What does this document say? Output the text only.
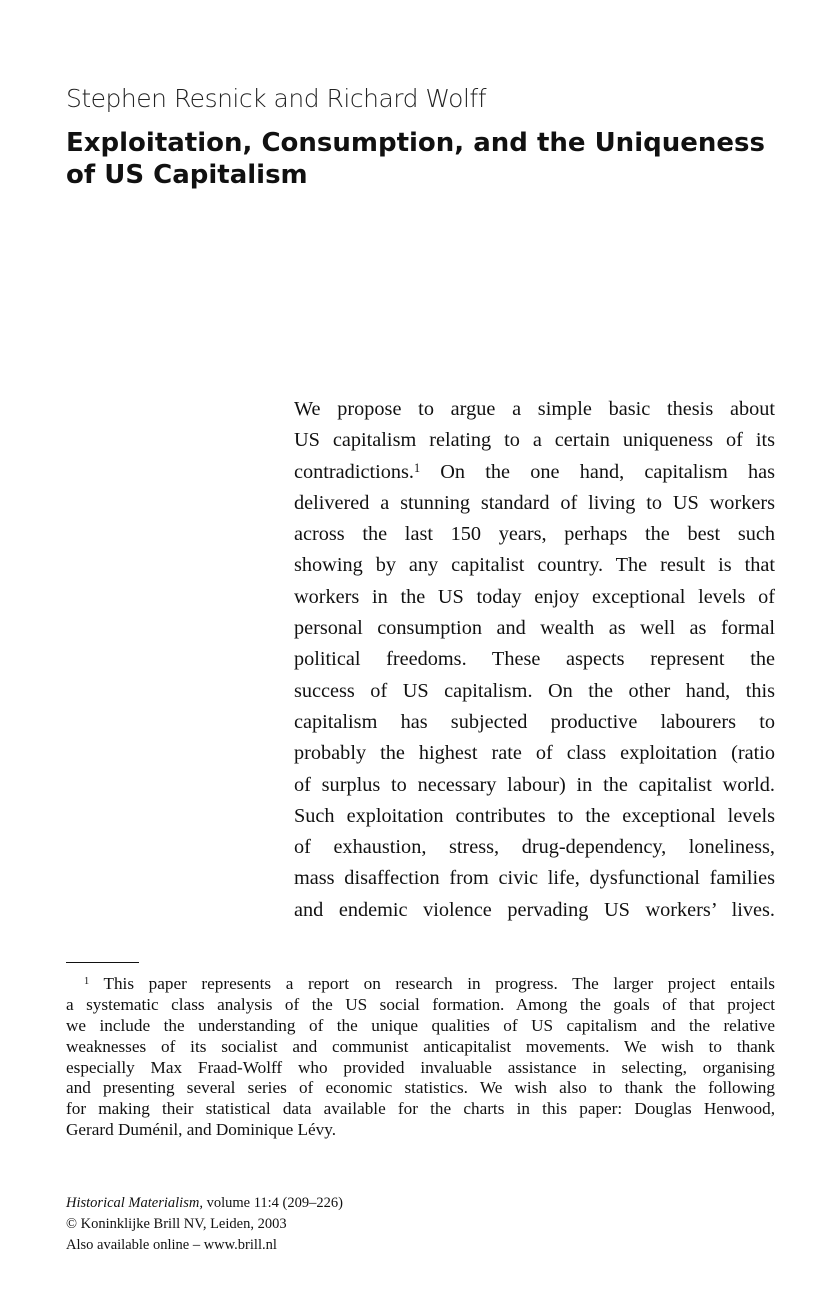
Stephen Resnick and Richard Wolff
Exploitation, Consumption, and the Uniqueness
of US Capitalism
We propose to argue a simple basic thesis about
US capitalism relating to a certain uniqueness of its
contradictions.$^1$ On the one hand, capitalism has
delivered a stunning standard of living to US workers
across the last 150 years, perhaps the best such
showing by any capitalist country. The result is that
workers in the US today enjoy exceptional levels of
personal consumption and wealth as well as formal
political freedoms. These aspects represent the
success of US capitalism. On the other hand, this
capitalism has subjected productive labourers to
probably the highest rate of class exploitation (ratio
of surplus to necessary labour) in the capitalist world.
Such exploitation contributes to the exceptional levels
of exhaustion, stress, drug-dependency, loneliness,
mass disaffection from civic life, dysfunctional families
and endemic violence pervading US workers’ lives.
$^1$ This paper represents a report on research in progress. The larger project entails
a systematic class analysis of the US social formation. Among the goals of that project
we include the understanding of the unique qualities of US capitalism and the relative
weaknesses of its socialist and communist anticapitalist movements. We wish to thank
especially Max Fraad-Wolff who provided invaluable assistance in selecting, organising
and presenting several series of economic statistics. We wish also to thank the following
for making their statistical data available for the charts in this paper: Douglas Henwood,
Gerard Duménil, and Dominique Lévy.
Historical Materialism, volume 11:4 (209–226)
© Koninklijke Brill NV, Leiden, 2003
Also available online – www.brill.nl
